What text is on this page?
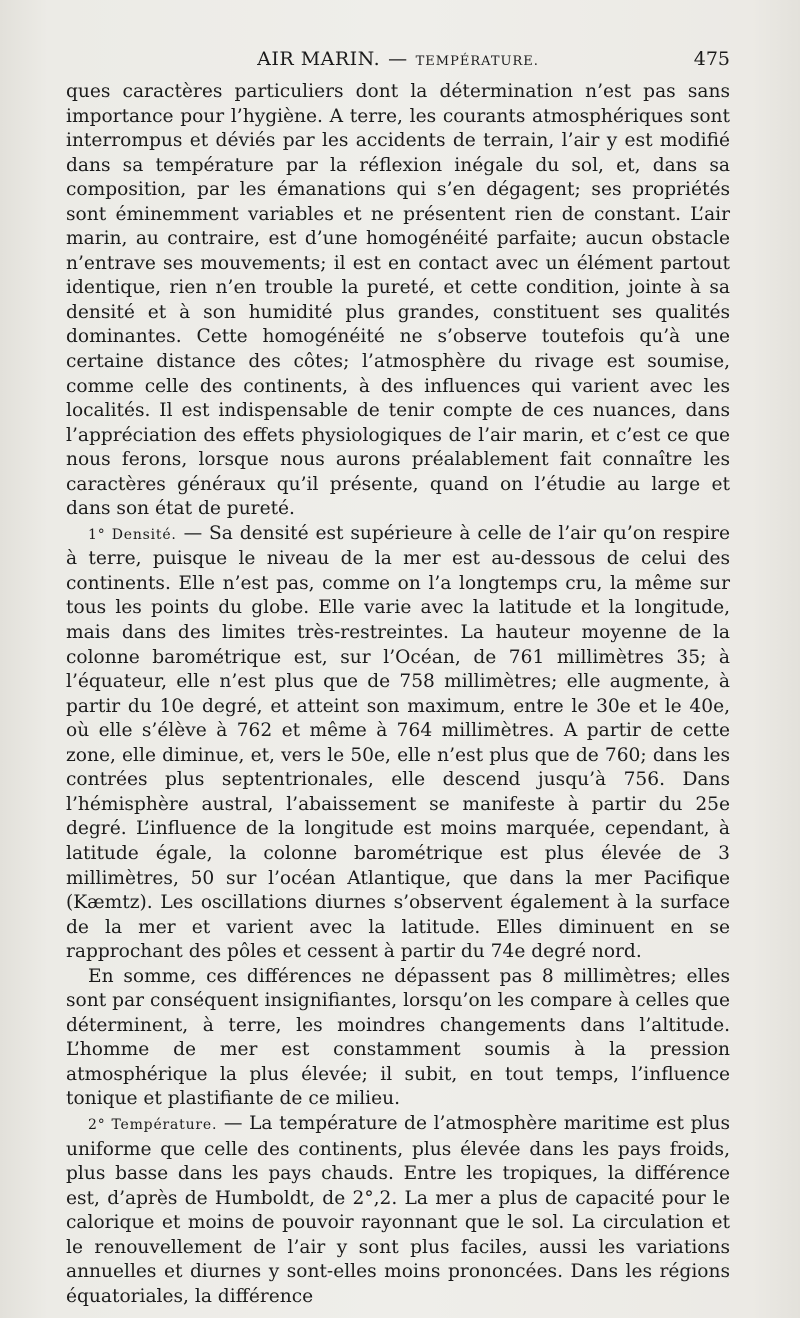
AIR MARIN. — TEMPÉRATURE.	475

ques caractères particuliers dont la détermination n’est pas sans importance pour l’hygiène. A terre, les courants atmosphériques sont interrompus et déviés par les accidents de terrain, l’air y est modifié dans sa température par la réflexion inégale du sol, et, dans sa composition, par les émanations qui s’en dégagent; ses propriétés sont éminemment variables et ne présentent rien de constant. L’air marin, au contraire, est d’une homogénéité parfaite; aucun obstacle n’entrave ses mouvements; il est en contact avec un élément partout identique, rien n’en trouble la pureté, et cette condition, jointe à sa densité et à son humidité plus grandes, constituent ses qualités dominantes. Cette homogénéité ne s’observe toutefois qu’à une certaine distance des côtes; l’atmosphère du rivage est soumise, comme celle des continents, à des influences qui varient avec les localités. Il est indispensable de tenir compte de ces nuances, dans l’appréciation des effets physiologiques de l’air marin, et c’est ce que nous ferons, lorsque nous aurons préalablement fait connaître les caractères généraux qu’il présente, quand on l’étudie au large et dans son état de pureté.

1° Densité. — Sa densité est supérieure à celle de l’air qu’on respire à terre, puisque le niveau de la mer est au-dessous de celui des continents. Elle n’est pas, comme on l’a longtemps cru, la même sur tous les points du globe. Elle varie avec la latitude et la longitude, mais dans des limites très-restreintes. La hauteur moyenne de la colonne barométrique est, sur l’Océan, de 761 millimètres 35; à l’équateur, elle n’est plus que de 758 millimètres; elle augmente, à partir du 10e degré, et atteint son maximum, entre le 30e et le 40e, où elle s’élève à 762 et même à 764 millimètres. A partir de cette zone, elle diminue, et, vers le 50e, elle n’est plus que de 760; dans les contrées plus septentrionales, elle descend jusqu’à 756. Dans l’hémisphère austral, l’abaissement se manifeste à partir du 25e degré. L’influence de la longitude est moins marquée, cependant, à latitude égale, la colonne barométrique est plus élevée de 3 millimètres, 50 sur l’océan Atlantique, que dans la mer Pacifique (Kæmtz). Les oscillations diurnes s’observent également à la surface de la mer et varient avec la latitude. Elles diminuent en se rapprochant des pôles et cessent à partir du 74e degré nord.

En somme, ces différences ne dépassent pas 8 millimètres; elles sont par conséquent insignifiantes, lorsqu’on les compare à celles que déterminent, à terre, les moindres changements dans l’altitude. L’homme de mer est constamment soumis à la pression atmosphérique la plus élevée; il subit, en tout temps, l’influence tonique et plastifiante de ce milieu.

2° Température. — La température de l’atmosphère maritime est plus uniforme que celle des continents, plus élevée dans les pays froids, plus basse dans les pays chauds. Entre les tropiques, la différence est, d’après de Humboldt, de 2°,2. La mer a plus de capacité pour le calorique et moins de pouvoir rayonnant que le sol. La circulation et le renouvellement de l’air y sont plus faciles, aussi les variations annuelles et diurnes y sont-elles moins prononcées. Dans les régions équatoriales, la différence
